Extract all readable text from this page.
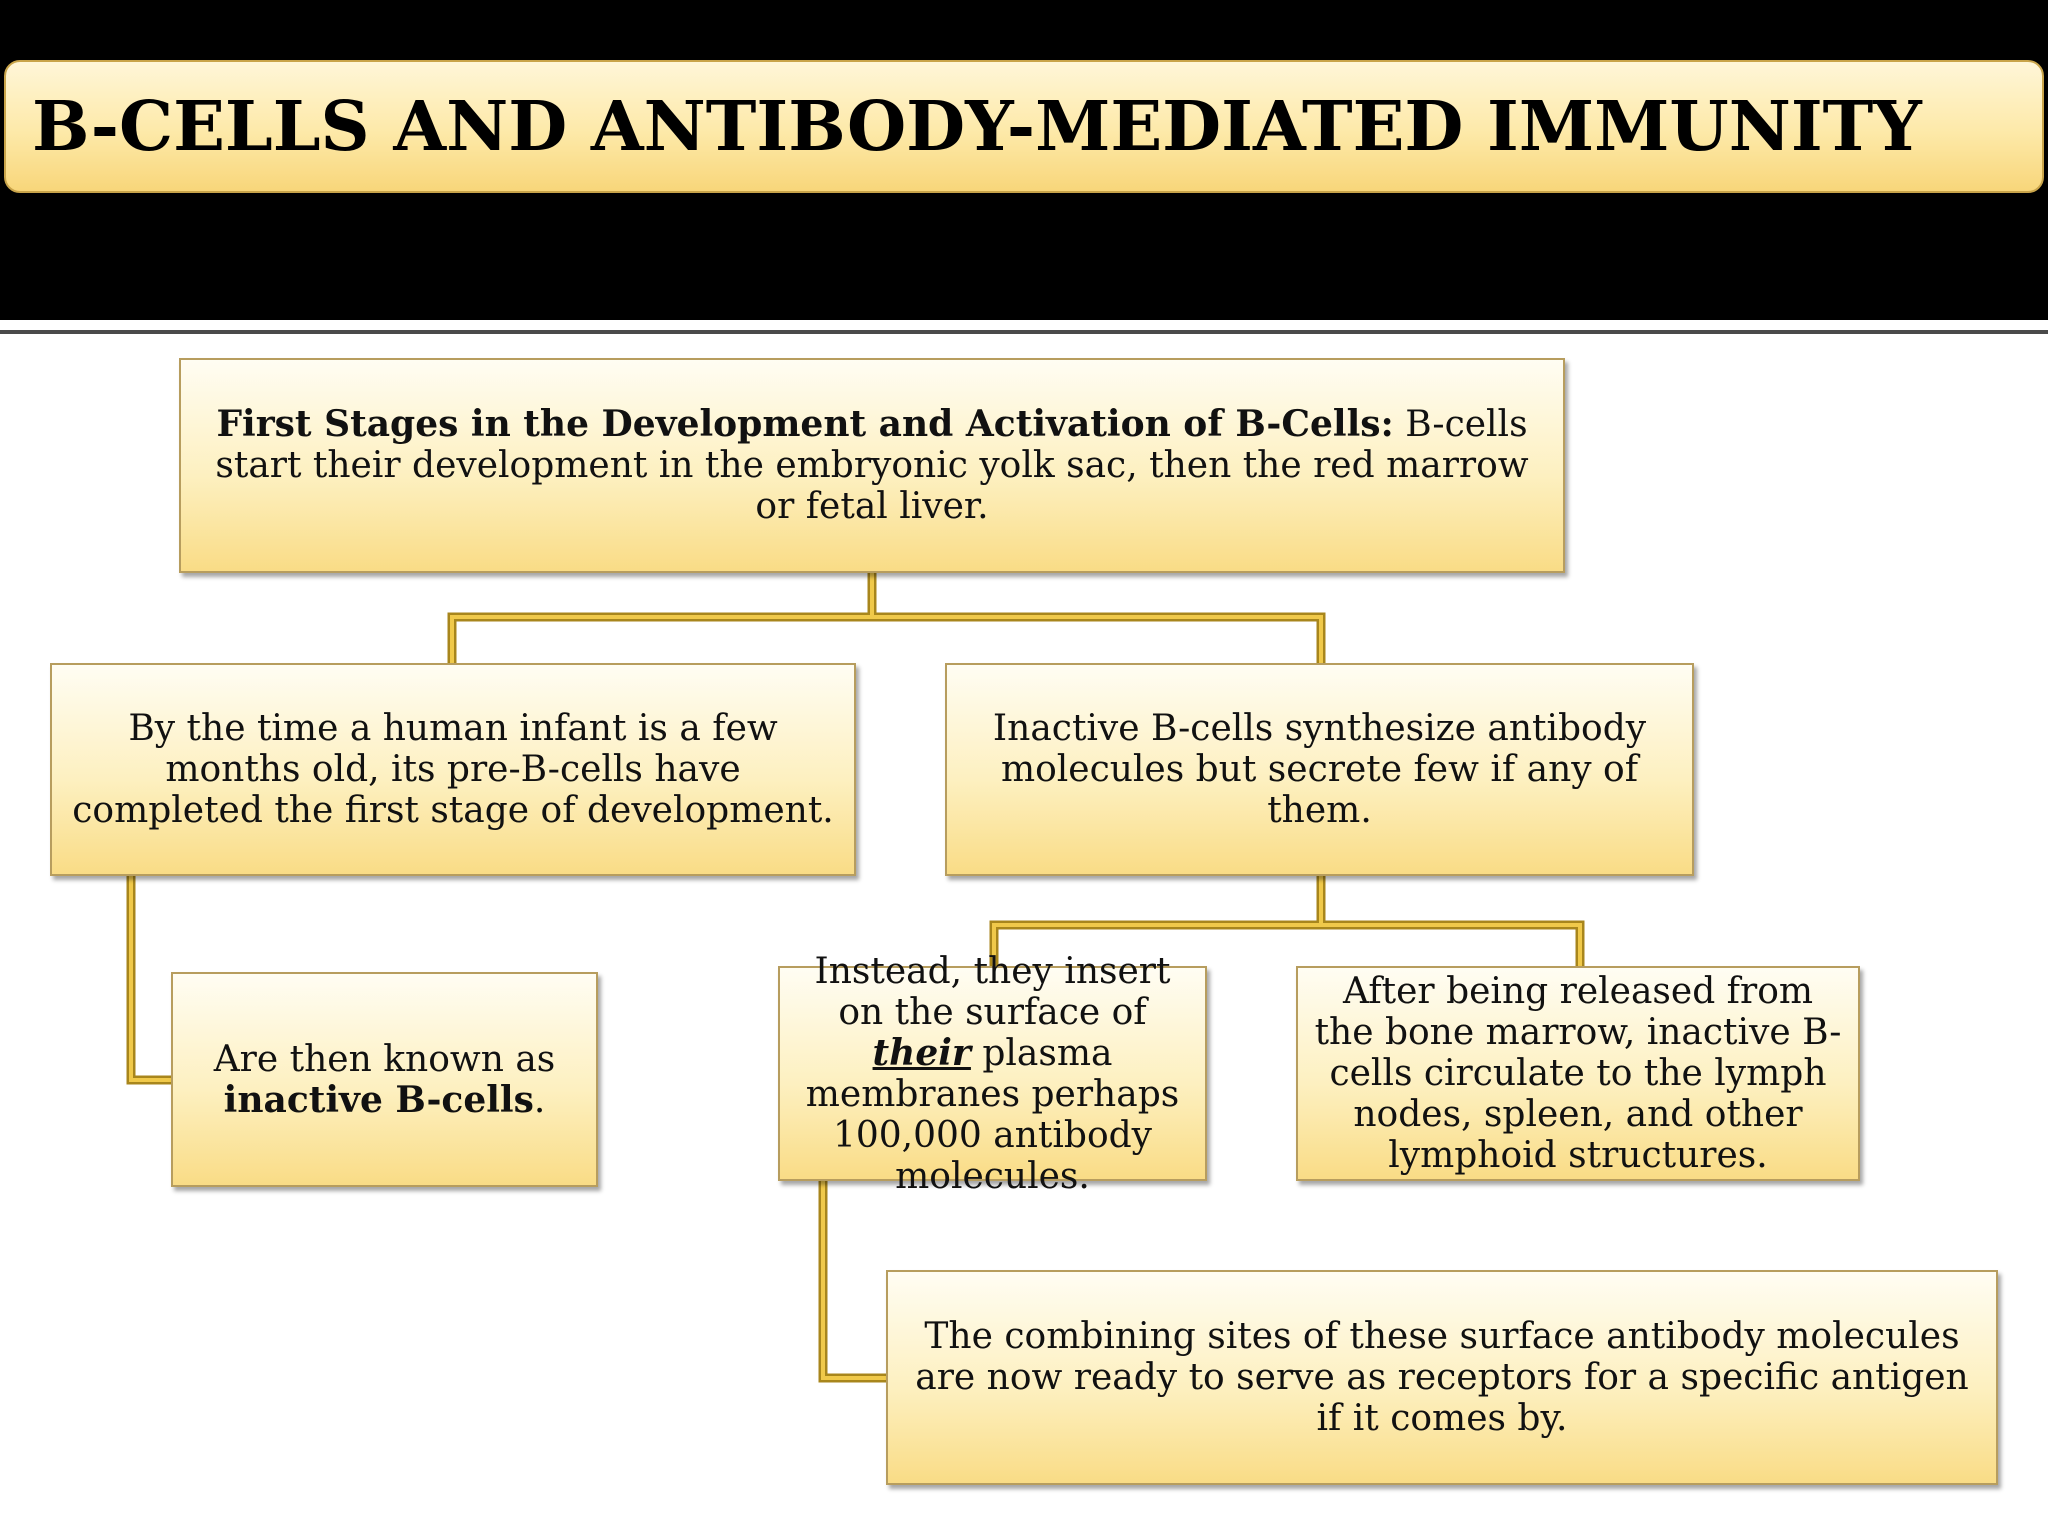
B-CELLS AND ANTIBODY-MEDIATED IMMUNITY

First Stages in the Development and Activation of B-Cells: B-cells start their development in the embryonic yolk sac, then the red marrow or fetal liver.

By the time a human infant is a few months old, its pre-B-cells have completed the first stage of development.

Inactive B-cells synthesize antibody molecules but secrete few if any of them.

Are then known as
inactive B-cells.

Instead, they insert on the surface of their plasma membranes perhaps 100,000 antibody molecules.

After being released from the bone marrow, inactive B-cells circulate to the lymph nodes, spleen, and other lymphoid structures.

The combining sites of these surface antibody molecules are now ready to serve as receptors for a specific antigen if it comes by.
